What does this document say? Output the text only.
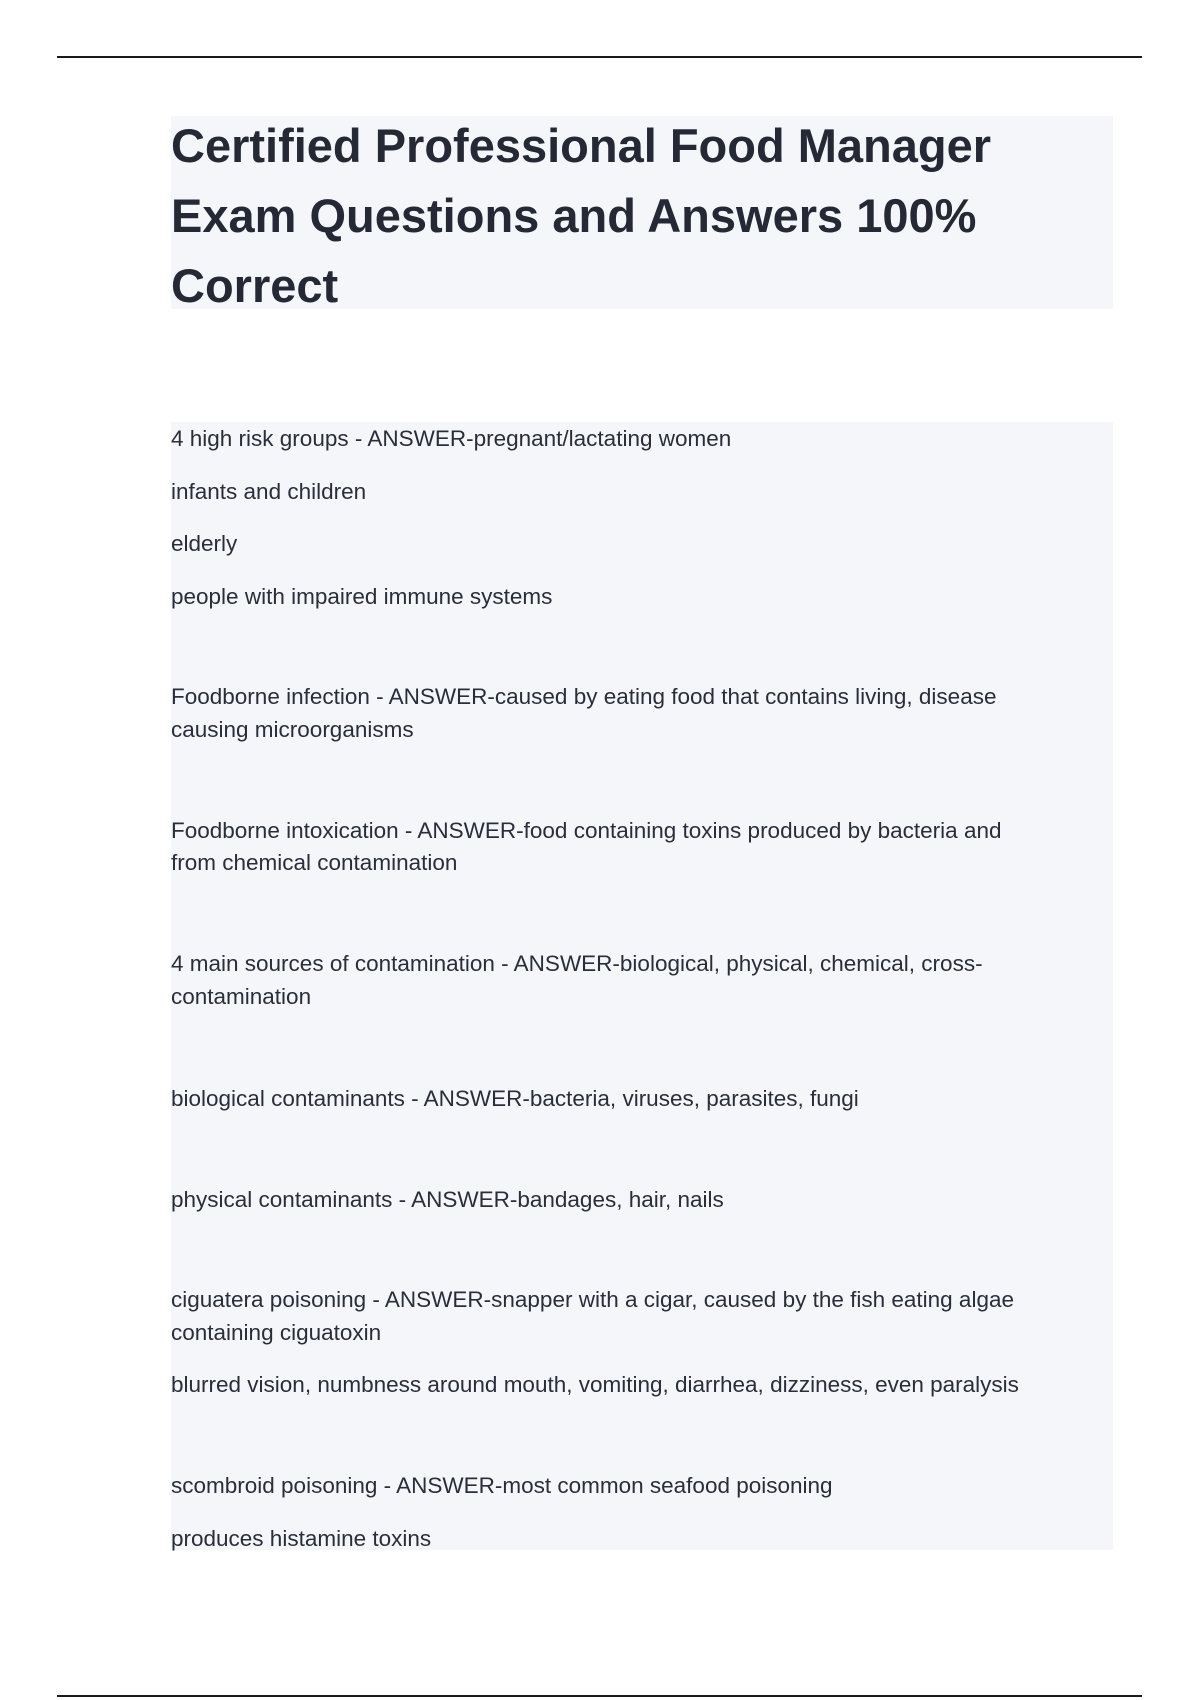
Certified Professional Food Manager
Exam Questions and Answers 100%
Correct

4 high risk groups - ANSWER-pregnant/lactating women

infants and children

elderly

people with impaired immune systems

Foodborne infection - ANSWER-caused by eating food that contains living, disease

causing microorganisms

Foodborne intoxication - ANSWER-food containing toxins produced by bacteria and

from chemical contamination

4 main sources of contamination - ANSWER-biological, physical, chemical, cross-

contamination

biological contaminants - ANSWER-bacteria, viruses, parasites, fungi

physical contaminants - ANSWER-bandages, hair, nails

ciguatera poisoning - ANSWER-snapper with a cigar, caused by the fish eating algae

containing ciguatoxin

blurred vision, numbness around mouth, vomiting, diarrhea, dizziness, even paralysis

scombroid poisoning - ANSWER-most common seafood poisoning

produces histamine toxins
